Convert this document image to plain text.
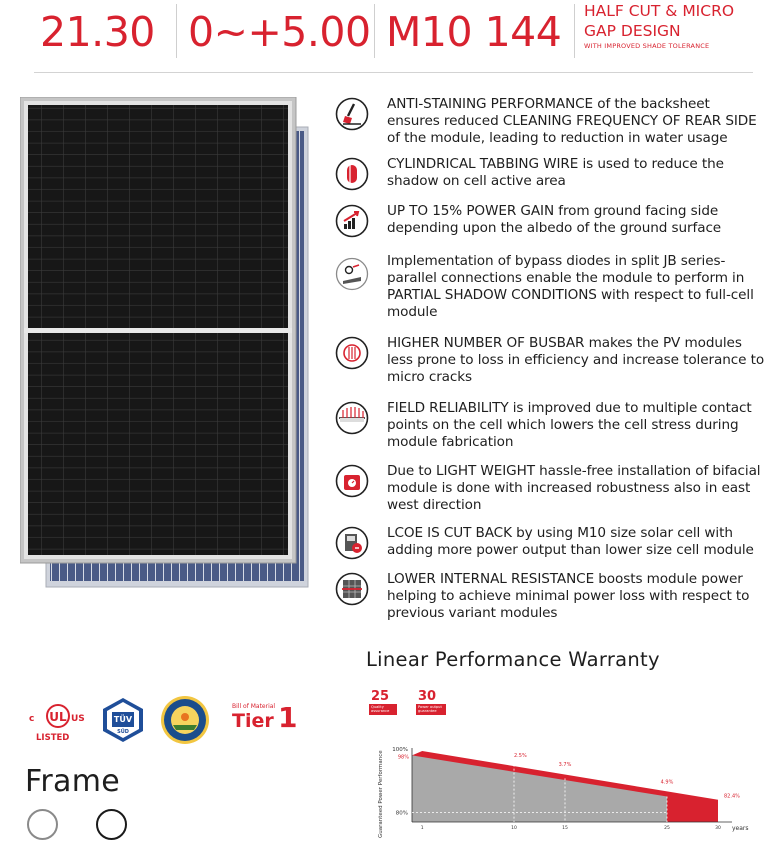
21.30 0~+5.00 M10 144 HALF CUT & MICRO
GAP DESIGN
WITH IMPROVED SHADE TOLERANCE
ANTI-STAINING PERFORMANCE of the backsheet ensures reduced CLEANING FREQUENCY OF REAR SIDE of the module, leading to reduction in water usage
CYLINDRICAL TABBING WIRE is used to reduce the shadow on cell active area
UP TO 15% POWER GAIN from ground facing side depending upon the albedo of the ground surface
Implementation of bypass diodes in split JB series-parallel connections enable the module to perform in PARTIAL SHADOW CONDITIONS with respect to full-cell module
HIGHER NUMBER OF BUSBAR makes the PV modules less prone to loss in efficiency and increase tolerance to micro cracks
FIELD RELIABILITY is improved due to multiple contact points on the cell which lowers the cell stress during module fabrication
Due to LIGHT WEIGHT hassle-free installation of bifacial module is done with increased robustness also in east west direction
LCOE IS CUT BACK by using M10 size solar cell with adding more power output than lower size cell module
LOWER INTERNAL RESISTANCE boosts module power helping to achieve minimal power loss with respect to previous variant modules
Linear Performance Warranty
25
Quality assurance
30
Power output guarantee
100%
80%
1	10	15	25	30 years
Guaranteed Power Performance	98%	2.5%
3.7%
4.9%
82.4%
UL
c	US
LISTED
TÜV
SÜD
Bill of Material
Tier 1
Frame
